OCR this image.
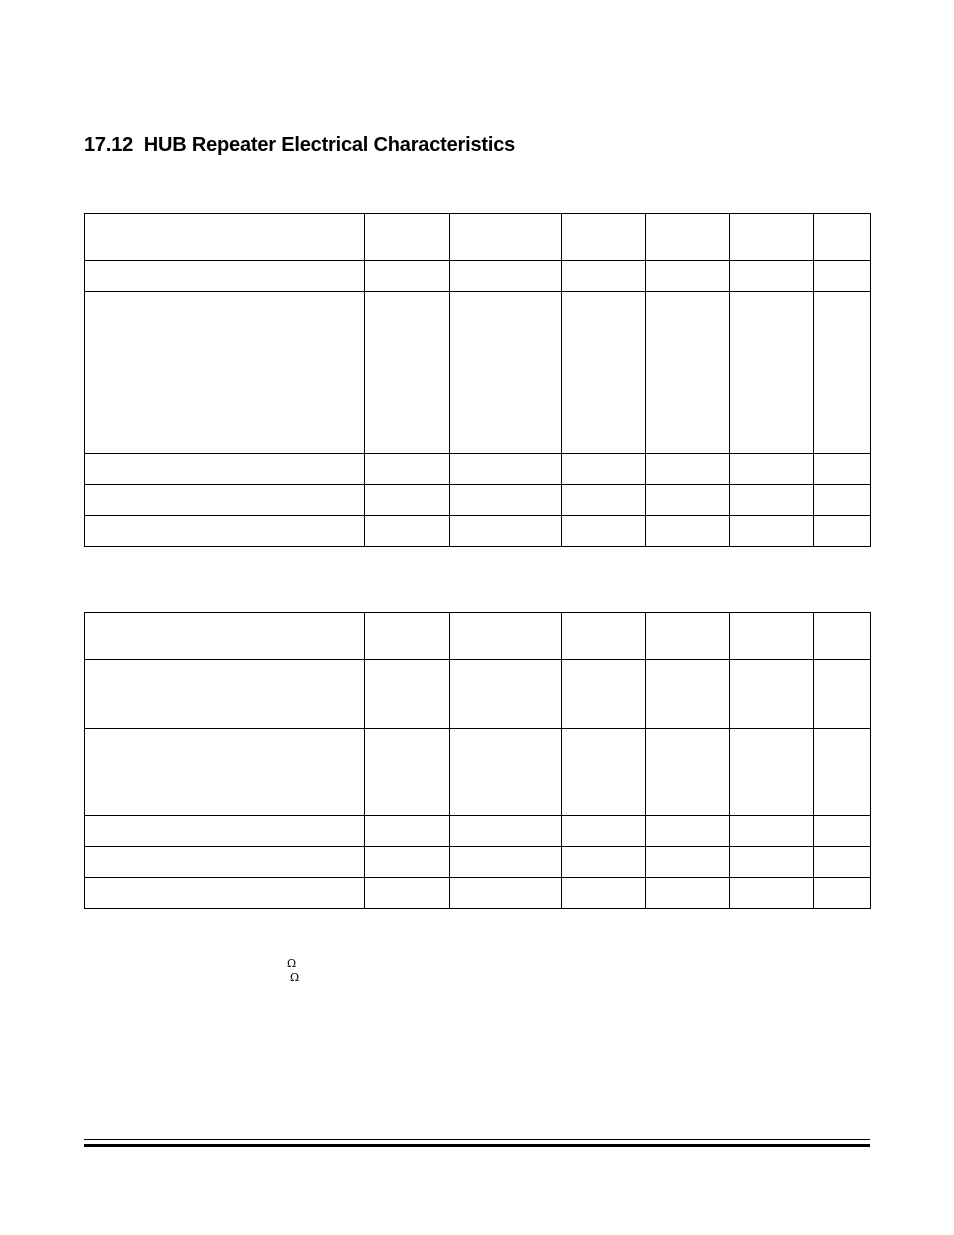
17.12 HUB Repeater Electrical Characteristics

Ω
Ω
